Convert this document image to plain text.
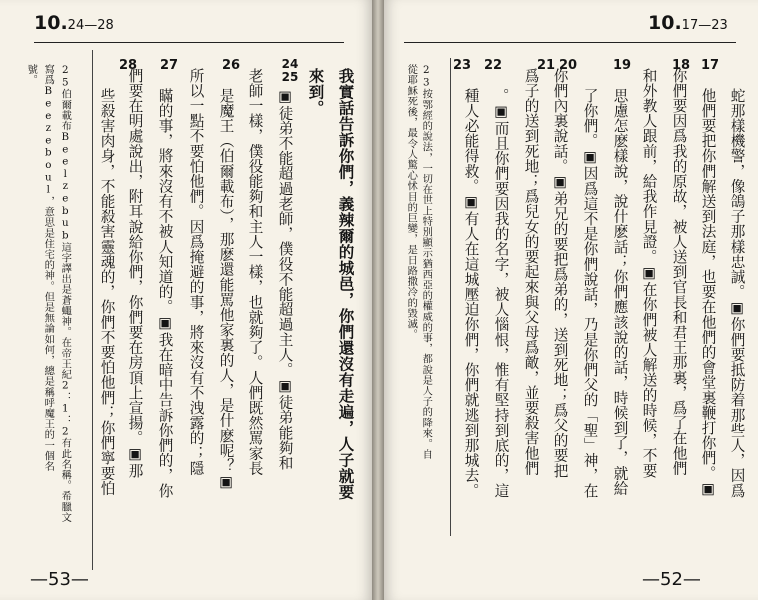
10.24—28
25伯爾載布Beelzebub這字譯出是蒼蠅神。在帝王紀2：1：2有此名稱。希臘文
寫爲Beezeboul，意思是住宅的神。但是無論如何，總是稱呼魔王的一個名
號。	28 27	26	24 25 我實話告訴你們，義辣爾的城邑，你們還沒有走遍，人子就要
來到。
▣徒弟不能超過老師，僕役不能超過主人。▣徒弟能夠和
老師一樣，僕役能夠和主人一樣，也就夠了。人們既然罵家長
是魔王（伯爾載布），那麽還能罵他家裏的人，是什麽呢？▣
所以一點不要怕他們。因爲掩避的事，將來沒有不洩露的；隱
瞞的事，將來沒有不被人知道的。▣我在暗中告訴你們的，你
們要在明處說出，附耳說給你們，你們要在房頂上宣揚。▣那
些殺害肉身，不能殺害靈魂的，你們不要怕他們；你們寧要怕
—53—
10.17—23
23按鄂經的說法，一切在世上特別顯示猶西亞的權威的事，都說是人子的降來。自
從耶穌死後，最令人驚心怵目的巨變，是日路撒冷的毀滅。	23 22	21 20	19	18 17
蛇那樣機警，像鴿子那樣忠誠。▣你們要抵防着那些人，因爲
他們要把你們解送到法庭，也要在他們的會堂裏鞭打你們。▣
你們要因爲我的原故，被人送到官長和君王那裏，爲了在他們
和外教人跟前，給我作見證。▣在你們被人解送的時候，不要
思慮怎麽樣說，說什麽話；你們應該說的話，時候到了，就給
了你們。▣因爲這不是你們說話，乃是你們父的「聖」神，在
你們內裏說話。▣弟兄的要把爲弟的，送到死地；爲父的要把
爲子的送到死地；爲兒女的要起來與父母爲敵，並要殺害他們
。▣而且你們要因我的名字，被人惱恨，惟有堅持到底的，這
種人必能得救。▣有人在這城壓迫你們，你們就逃到那城去。
—52—
